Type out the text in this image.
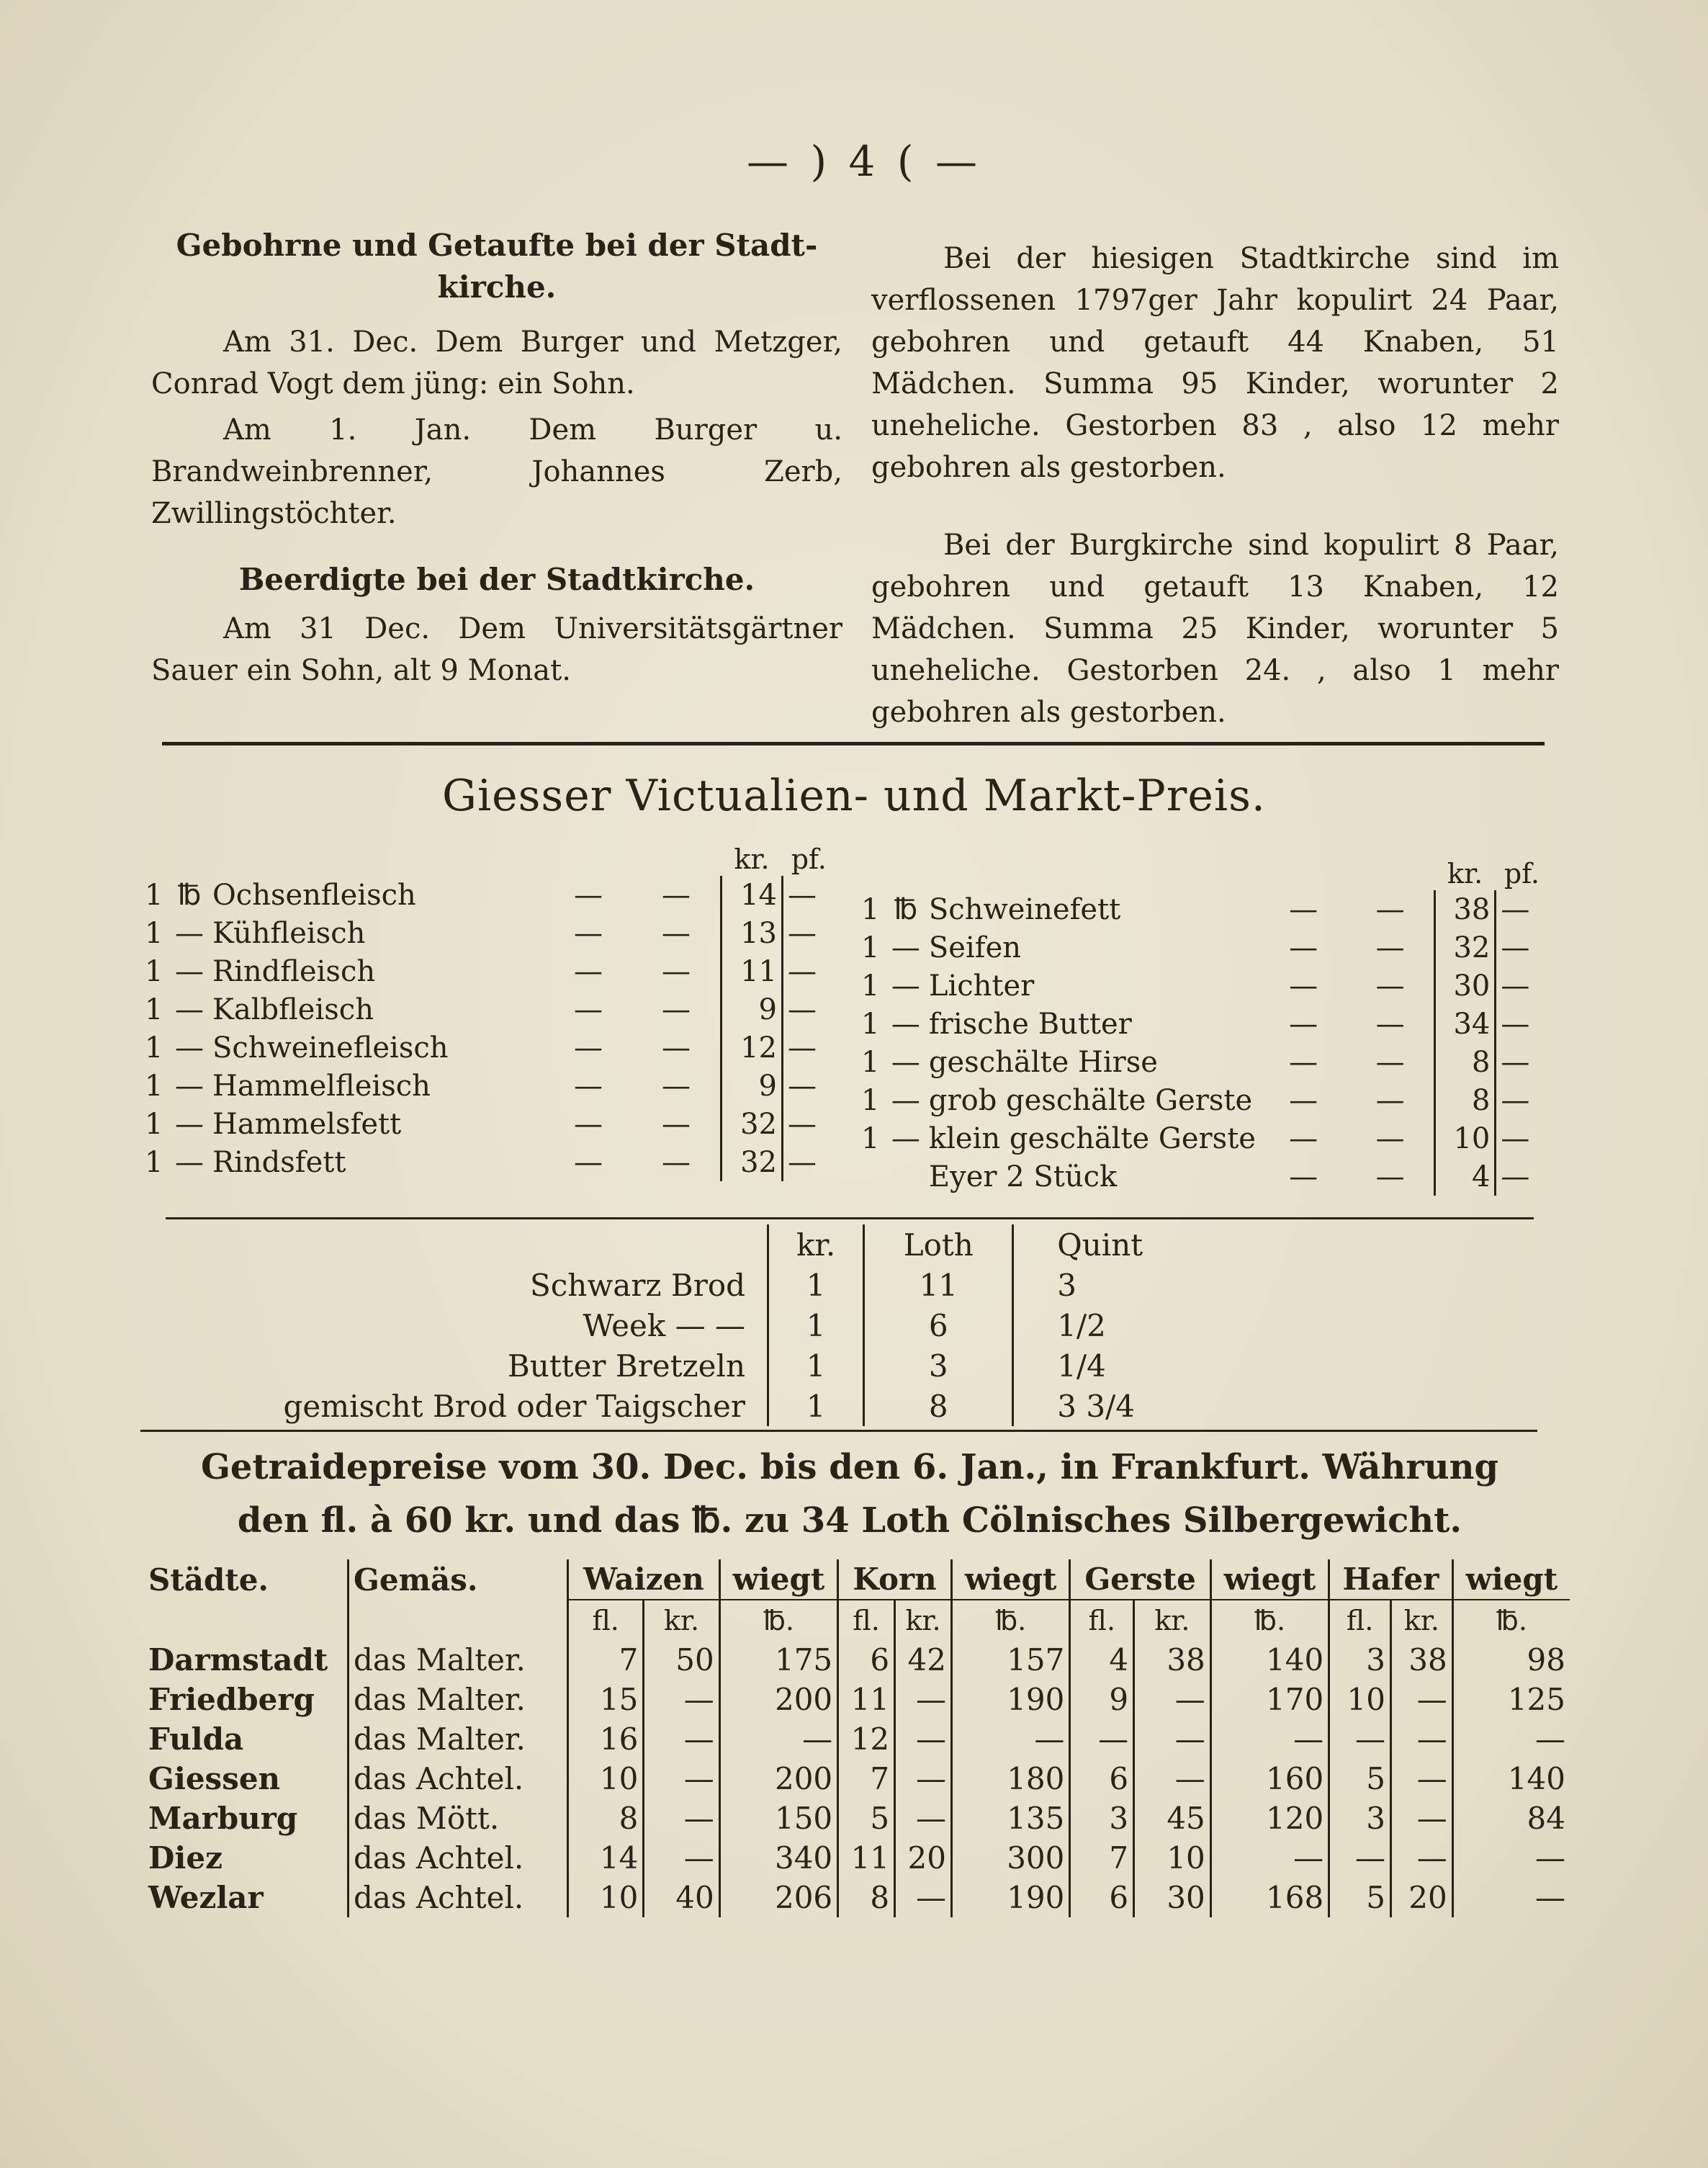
— ) 4 ( —
Gebohrne und Getaufte bei der Stadt-kirche.

Am 31. Dec. Dem Burger und Metzger, Conrad Vogt dem jüng: ein Sohn.

Am 1. Jan. Dem Burger u. Brandweinbrenner, Johannes Zerb, Zwillingstöchter.

Beerdigte bei der Stadtkirche.

Am 31 Dec. Dem Universitätsgärtner Sauer ein Sohn, alt 9 Monat.

Bei der hiesigen Stadtkirche sind im verflossenen 1797ger Jahr kopulirt 24 Paar, gebohren und getauft 44 Knaben, 51 Mädchen. Summa 95 Kinder, worunter 2 uneheliche. Gestorben 83 , also 12 mehr gebohren als gestorben.

Bei der Burgkirche sind kopulirt 8 Paar, gebohren und getauft 13 Knaben, 12 Mädchen. Summa 25 Kinder, worunter 5 uneheliche. Gestorben 24. , also 1 mehr gebohren als gestorben.

Giesser Victualien- und Markt-Preis.
					kr.	pf.
1	℔	Ochsenfleisch	—	—	14	—
1	—	Kühfleisch	—	—	13	—
1	—	Rindfleisch	—	—	11	—
1	—	Kalbfleisch	—	—	9	—
1	—	Schweinefleisch	—	—	12	—
1	—	Hammelfleisch	—	—	9	—
1	—	Hammelsfett	—	—	32	—
1	—	Rindsfett	—	—	32	—
					kr.	pf.
1	℔	Schweinefett	—	—	38	—
1	—	Seifen	—	—	32	—
1	—	Lichter	—	—	30	—
1	—	frische Butter	—	—	34	—
1	—	geschälte Hirse	—	—	8	—
1	—	grob geschälte Gerste	—	—	8	—
1	—	klein geschälte Gerste	—	—	10	—
		Eyer 2 Stück	—	—	4	—
	kr.	Loth	Quint
Schwarz Brod	1	11	3
Week — —	1	6	1/2
Butter Bretzeln	1	3	1/4
gemischt Brod oder Taigscher	1	8	3 3/4
Getraidepreise vom 30. Dec. bis den 6. Jan., in Frankfurt. Währung
den fl. à 60 kr. und das ℔. zu 34 Loth Cölnisches Silbergewicht.
Städte.	Gemäs.	Waizen		wiegt	Korn		wiegt	Gerste		wiegt	Hafer		wiegt
		fl.	kr.	℔.	fl.	kr.	℔.	fl.	kr.	℔.	fl.	kr.	℔.
Darmstadt	das Malter.	7	50	175	6	42	157	4	38	140	3	38	98
Friedberg	das Malter.	15	—	200	11	—	190	9	—	170	10	—	125
Fulda	das Malter.	16	—	—	12	—	—	—	—	—	—	—	—
Giessen	das Achtel.	10	—	200	7	—	180	6	—	160	5	—	140
Marburg	das Mött.	8	—	150	5	—	135	3	45	120	3	—	84
Diez	das Achtel.	14	—	340	11	20	300	7	10	—	—	—	—
Wezlar	das Achtel.	10	40	206	8	—	190	6	30	168	5	20	—
